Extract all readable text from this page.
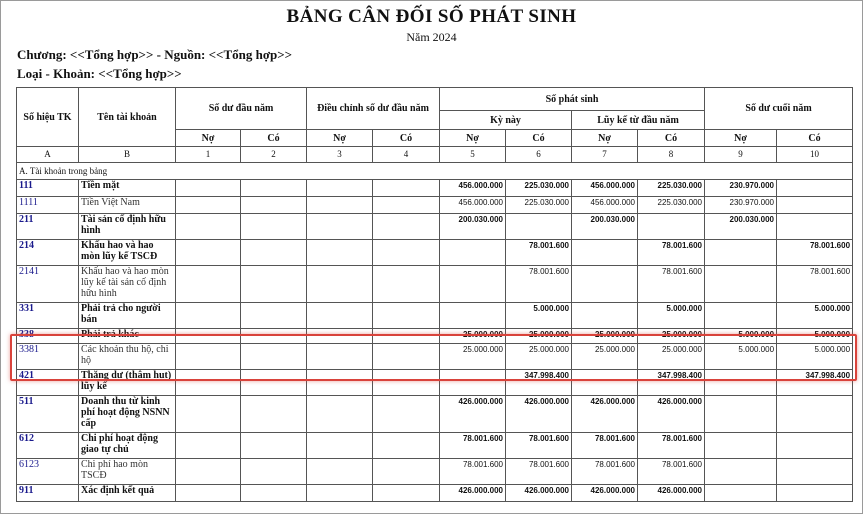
BẢNG CÂN ĐỐI SỐ PHÁT SINH
Năm 2024
Chương: <<Tổng hợp>> - Nguồn: <<Tổng hợp>>
Loại - Khoản: <<Tổng hợp>>
Số hiệu TK	Tên tài khoản	Số dư đầu năm		Điều chỉnh số dư đầu năm		Số phát sinh				Số dư cuối năm	
						Kỳ này		Lũy kế từ đầu năm			
		Nợ	Có	Nợ	Có	Nợ	Có	Nợ	Có	Nợ	Có
A	B	1	2	3	4	5	6	7	8	9	10
A. Tài khoản trong bảng											
111	Tiền mặt					456.000.000	225.030.000	456.000.000	225.030.000	230.970.000	
1111	Tiền Việt Nam					456.000.000	225.030.000	456.000.000	225.030.000	230.970.000	
211	Tài sản cố định hữu hình					200.030.000		200.030.000		200.030.000	
214	Khấu hao và hao mòn lũy kế TSCĐ						78.001.600		78.001.600		78.001.600
2141	Khấu hao và hao mòn lũy kế tài sản cố định hữu hình						78.001.600		78.001.600		78.001.600
331	Phải trả cho người bán						5.000.000		5.000.000		5.000.000
338	Phải trả khác					25.000.000	25.000.000	25.000.000	25.000.000	5.000.000	5.000.000
3381	Các khoản thu hộ, chi hộ					25.000.000	25.000.000	25.000.000	25.000.000	5.000.000	5.000.000
421	Thặng dư (thâm hụt) lũy kế						347.998.400		347.998.400		347.998.400
511	Doanh thu từ kinh phí hoạt động NSNN cấp					426.000.000	426.000.000	426.000.000	426.000.000		
612	Chi phí hoạt động giao tự chủ					78.001.600	78.001.600	78.001.600	78.001.600		
6123	Chi phí hao mòn TSCĐ					78.001.600	78.001.600	78.001.600	78.001.600		
911	Xác định kết quả					426.000.000	426.000.000	426.000.000	426.000.000		
